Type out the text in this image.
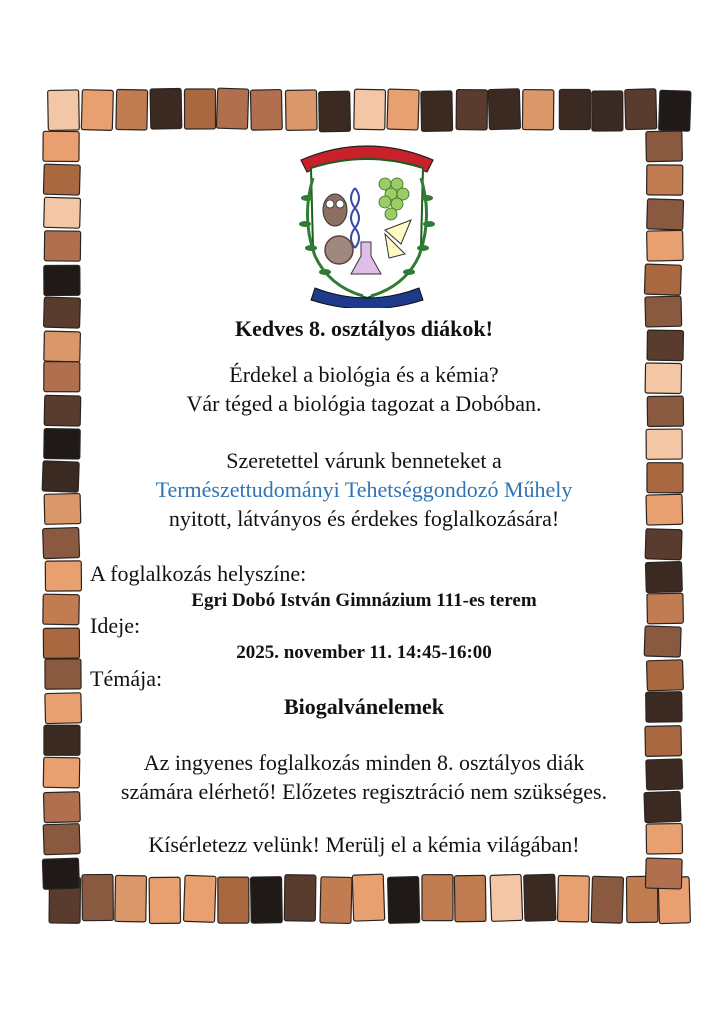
Kedves 8. osztályos diákok!

Érdekel a biológia és a kémia?

Vár téged a biológia tagozat a Dobóban.

Szeretettel várunk benneteket a

Természettudományi Tehetséggondozó Műhely

nyitott, látványos és érdekes foglalkozására!

A foglalkozás helyszíne:

Egri Dobó István Gimnázium 111-es terem

Ideje:

2025. november 11. 14:45-16:00

Témája:

Biogalvánelemek

Az ingyenes foglalkozás minden 8. osztályos diák

számára elérhető! Előzetes regisztráció nem szükséges.

Kísérletezz velünk! Merülj el a kémia világában!
